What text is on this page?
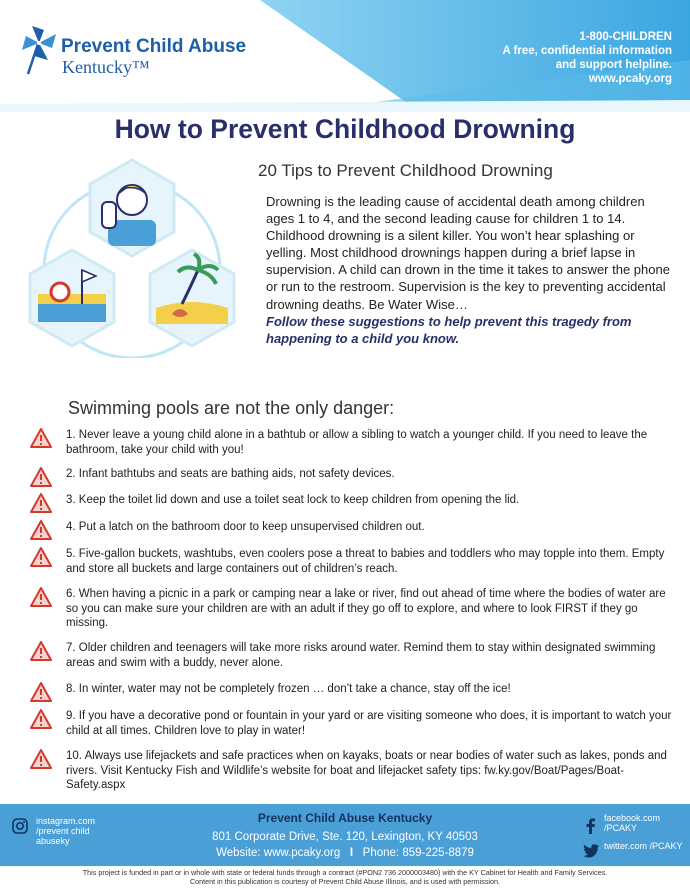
Prevent Child Abuse
Kentucky™
1-800-CHILDREN
A free, confidential information
and support helpline.
www.pcaky.org
How to Prevent Childhood Drowning
20 Tips to Prevent Childhood Drowning
Drowning is the leading cause of accidental death among children ages 1 to 4, and the second leading cause for children 1 to 14. Childhood drowning is a silent killer. You won’t hear splashing or yelling. Most childhood drownings happen during a brief lapse in supervision. A child can drown in the time it takes to answer the phone or run to the restroom. Supervision is the key to preventing accidental drowning deaths. Be Water Wise…
Follow these suggestions to help prevent this tragedy from happening to a child you know.
Swimming pools are not the only danger:
1. Never leave a young child alone in a bathtub or allow a sibling to watch a younger child. If you need to leave the bathroom, take your child with you!
2. Infant bathtubs and seats are bathing aids, not safety devices.
3. Keep the toilet lid down and use a toilet seat lock to keep children from opening the lid.
4. Put a latch on the bathroom door to keep unsupervised children out.
5. Five-gallon buckets, washtubs, even coolers pose a threat to babies and toddlers who may topple into them. Empty and store all buckets and large containers out of children’s reach.
6. When having a picnic in a park or camping near a lake or river, find out ahead of time where the bodies of water are so you can make sure your children are with an adult if they go off to explore, and where to look FIRST if they go missing.
7. Older children and teenagers will take more risks around water. Remind them to stay within designated swimming areas and swim with a buddy, never alone.
8. In winter, water may not be completely frozen … don’t take a chance, stay off the ice!
9. If you have a decorative pond or fountain in your yard or are visiting someone who does, it is important to watch your child at all times. Children love to play in water!
10. Always use lifejackets and safe practices when on kayaks, boats or near bodies of water such as lakes, ponds and rivers. Visit Kentucky Fish and Wildlife’s website for boat and lifejacket safety tips: fw.ky.gov/Boat/Pages/Boat-Safety.aspx
instagram.com /prevent child abuseky
Prevent Child Abuse Kentucky
801 Corporate Drive, Ste. 120, Lexington, KY 40503
Website: www.pcaky.org I Phone: 859-225-8879
facebook.com /PCAKY
twitter.com /PCAKY
This project is funded in part or in whole with state or federal funds through a contract (#PON2 736 2000003480) with the KY Cabinet for Health and Family Services.
Content in this publication is courtesy of Prevent Child Abuse Illinois, and is used with permission.
